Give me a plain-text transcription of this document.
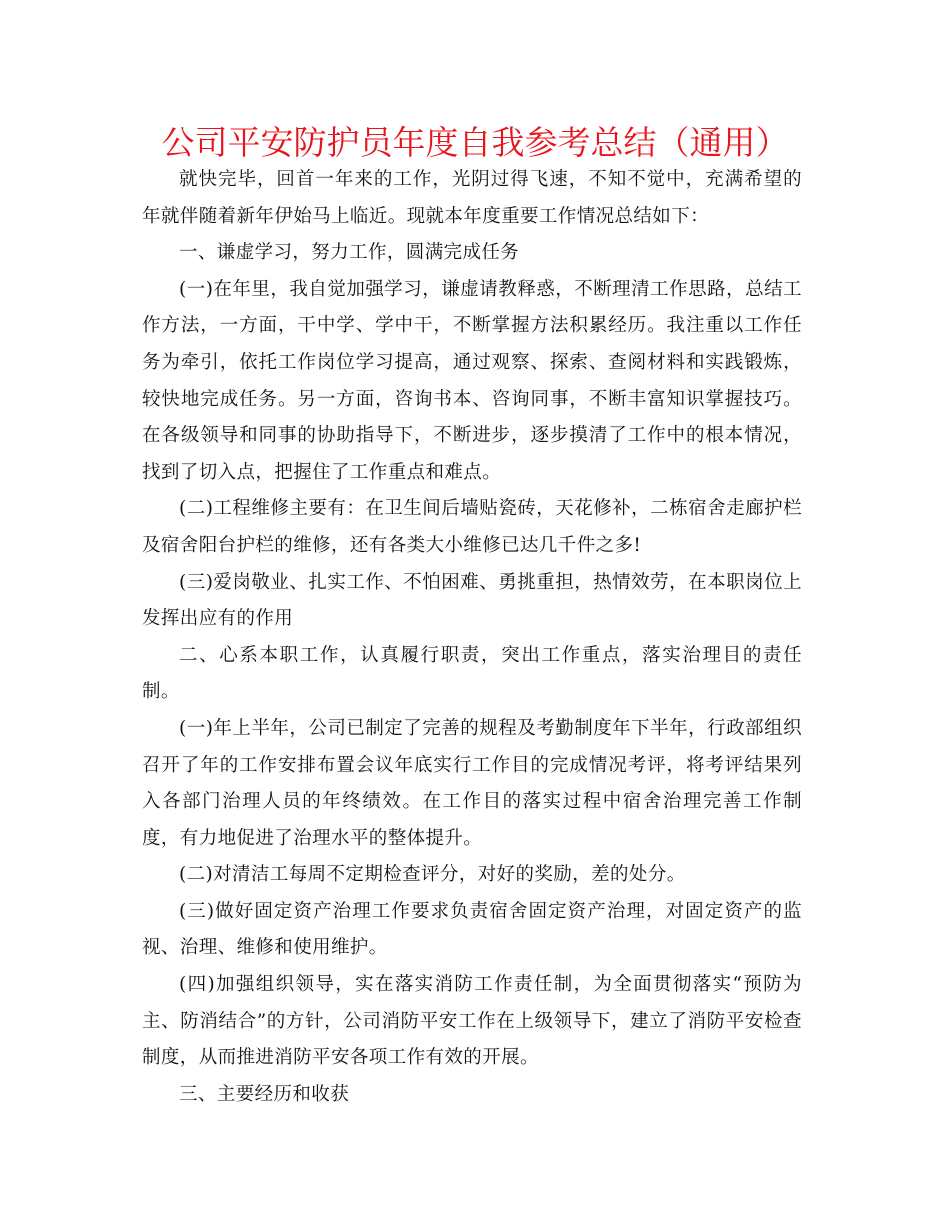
公司平安防护员年度自我参考总结（通用）

就快完毕，回首一年来的工作，光阴过得飞速，不知不觉中，充满希望的年就伴随着新年伊始马上临近。现就本年度重要工作情况总结如下：

一、谦虚学习，努力工作，圆满完成任务

(一)在年里，我自觉加强学习，谦虚请教释惑，不断理清工作思路，总结工作方法，一方面，干中学、学中干，不断掌握方法积累经历。我注重以工作任务为牵引，依托工作岗位学习提高，通过观察、探索、查阅材料和实践锻炼，较快地完成任务。另一方面，咨询书本、咨询同事，不断丰富知识掌握技巧。在各级领导和同事的协助指导下，不断进步，逐步摸清了工作中的根本情况，找到了切入点，把握住了工作重点和难点。

(二)工程维修主要有：在卫生间后墙贴瓷砖，天花修补，二栋宿舍走廊护栏及宿舍阳台护栏的维修，还有各类大小维修已达几千件之多!

(三)爱岗敬业、扎实工作、不怕困难、勇挑重担，热情效劳，在本职岗位上发挥出应有的作用

二、心系本职工作，认真履行职责，突出工作重点，落实治理目的责任制。

(一)年上半年，公司已制定了完善的规程及考勤制度年下半年，行政部组织召开了年的工作安排布置会议年底实行工作目的完成情况考评，将考评结果列入各部门治理人员的年终绩效。在工作目的落实过程中宿舍治理完善工作制度，有力地促进了治理水平的整体提升。

(二)对清洁工每周不定期检查评分，对好的奖励，差的处分。

(三)做好固定资产治理工作要求负责宿舍固定资产治理，对固定资产的监视、治理、维修和使用维护。

(四)加强组织领导，实在落实消防工作责任制，为全面贯彻落实“预防为主、防消结合”的方针，公司消防平安工作在上级领导下，建立了消防平安检查制度，从而推进消防平安各项工作有效的开展。

三、主要经历和收获
